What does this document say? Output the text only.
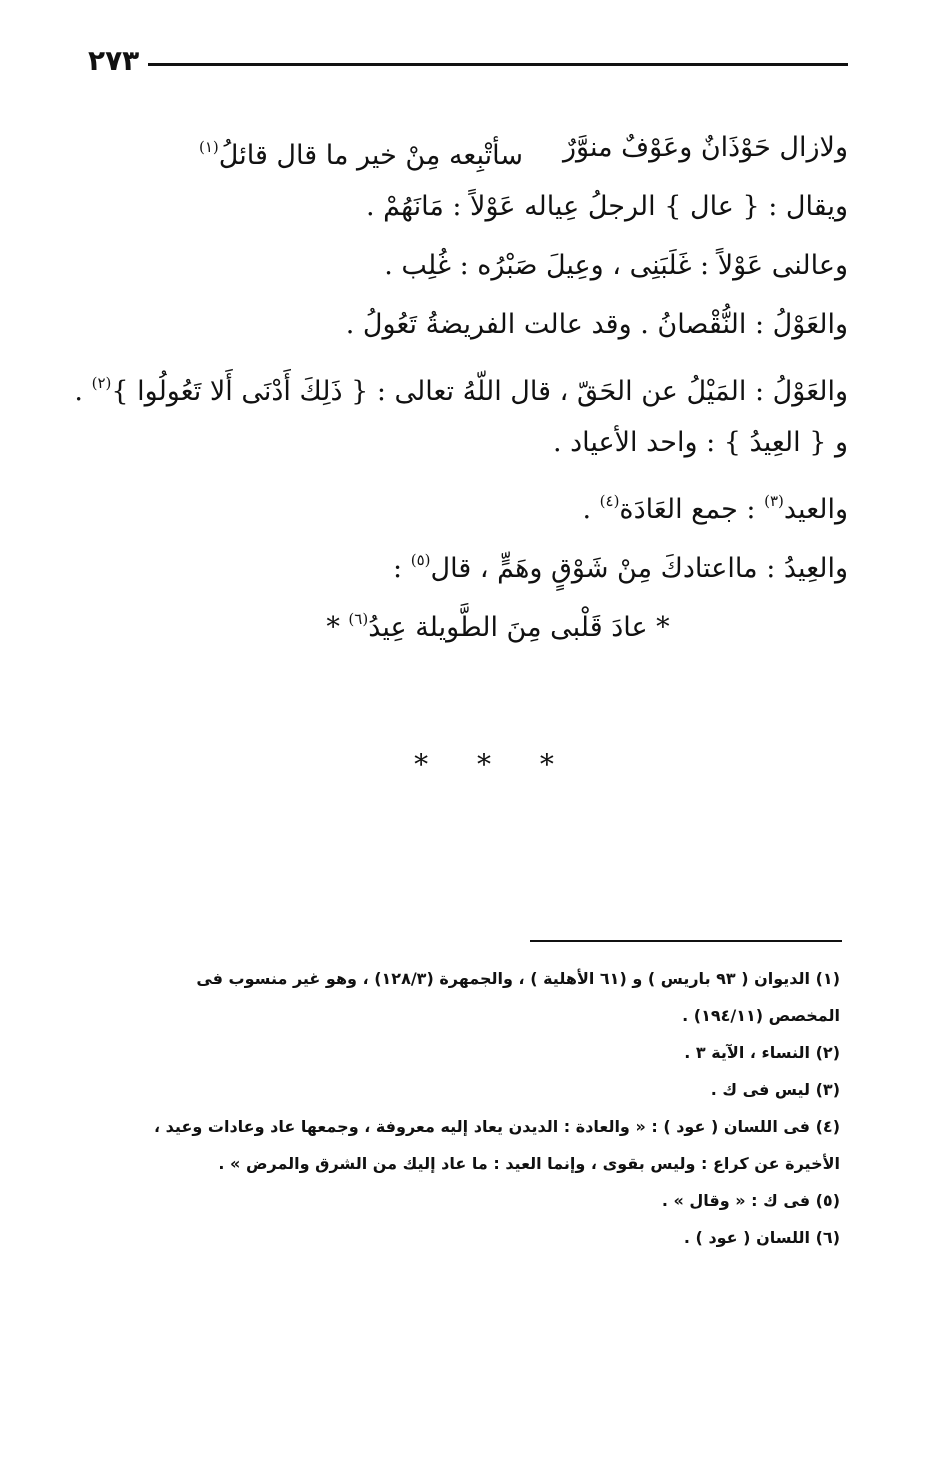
٢٧٣
ولازال حَوْذَانٌ وعَوْفٌ منوَّرٌ
سأتْبِعه مِنْ خير ما قال قائلُ$^{(١)}$
ويقال : { عال } الرجلُ عِياله عَوْلاً : مَانَهُمْ .
وعالنى عَوْلاً : غَلَبَنِى ، وعِيلَ صَبْرُه : غُلِب .
والعَوْلُ : النُّقْصانُ . وقد عالت الفريضةُ تَعُولُ .
والعَوْلُ : المَيْلُ عن الحَقّ ، قال اللّهُ تعالى : { ذَلِكَ أَدْنَى أَلا تَعُولُوا }$^{(٢)}$ .
و { العِيدُ } : واحد الأعياد .
والعيد$^{(٣)}$ : جمع العَادَة$^{(٤)}$ .
والعِيدُ : مااعتادكَ مِنْ شَوْقٍ وهَمٍّ ، قال$^{(٥)}$ :
* عادَ قَلْبى مِنَ الطَّويلة عِيدُ$^{(٦)}$ *
* * *
(١) الديوان ( ٩٣ باريس ) و (٦١ الأهلية ) ، والجمهرة (١٢٨/٣) ، وهو غير منسوب فى
المخصص (١٩٤/١١) .
(٢) النساء ، الآية ٣ .
(٣) ليس فى ك .
(٤) فى اللسان ( عود ) : « والعادة : الديدن يعاد إليه معروفة ، وجمعها عاد وعادات وعيد ،
الأخيرة عن كراع : وليس بقوى ، وإنما العيد : ما عاد إليك من الشرق والمرض » .
(٥) فى ك : « وقال » .
(٦) اللسان ( عود ) .
